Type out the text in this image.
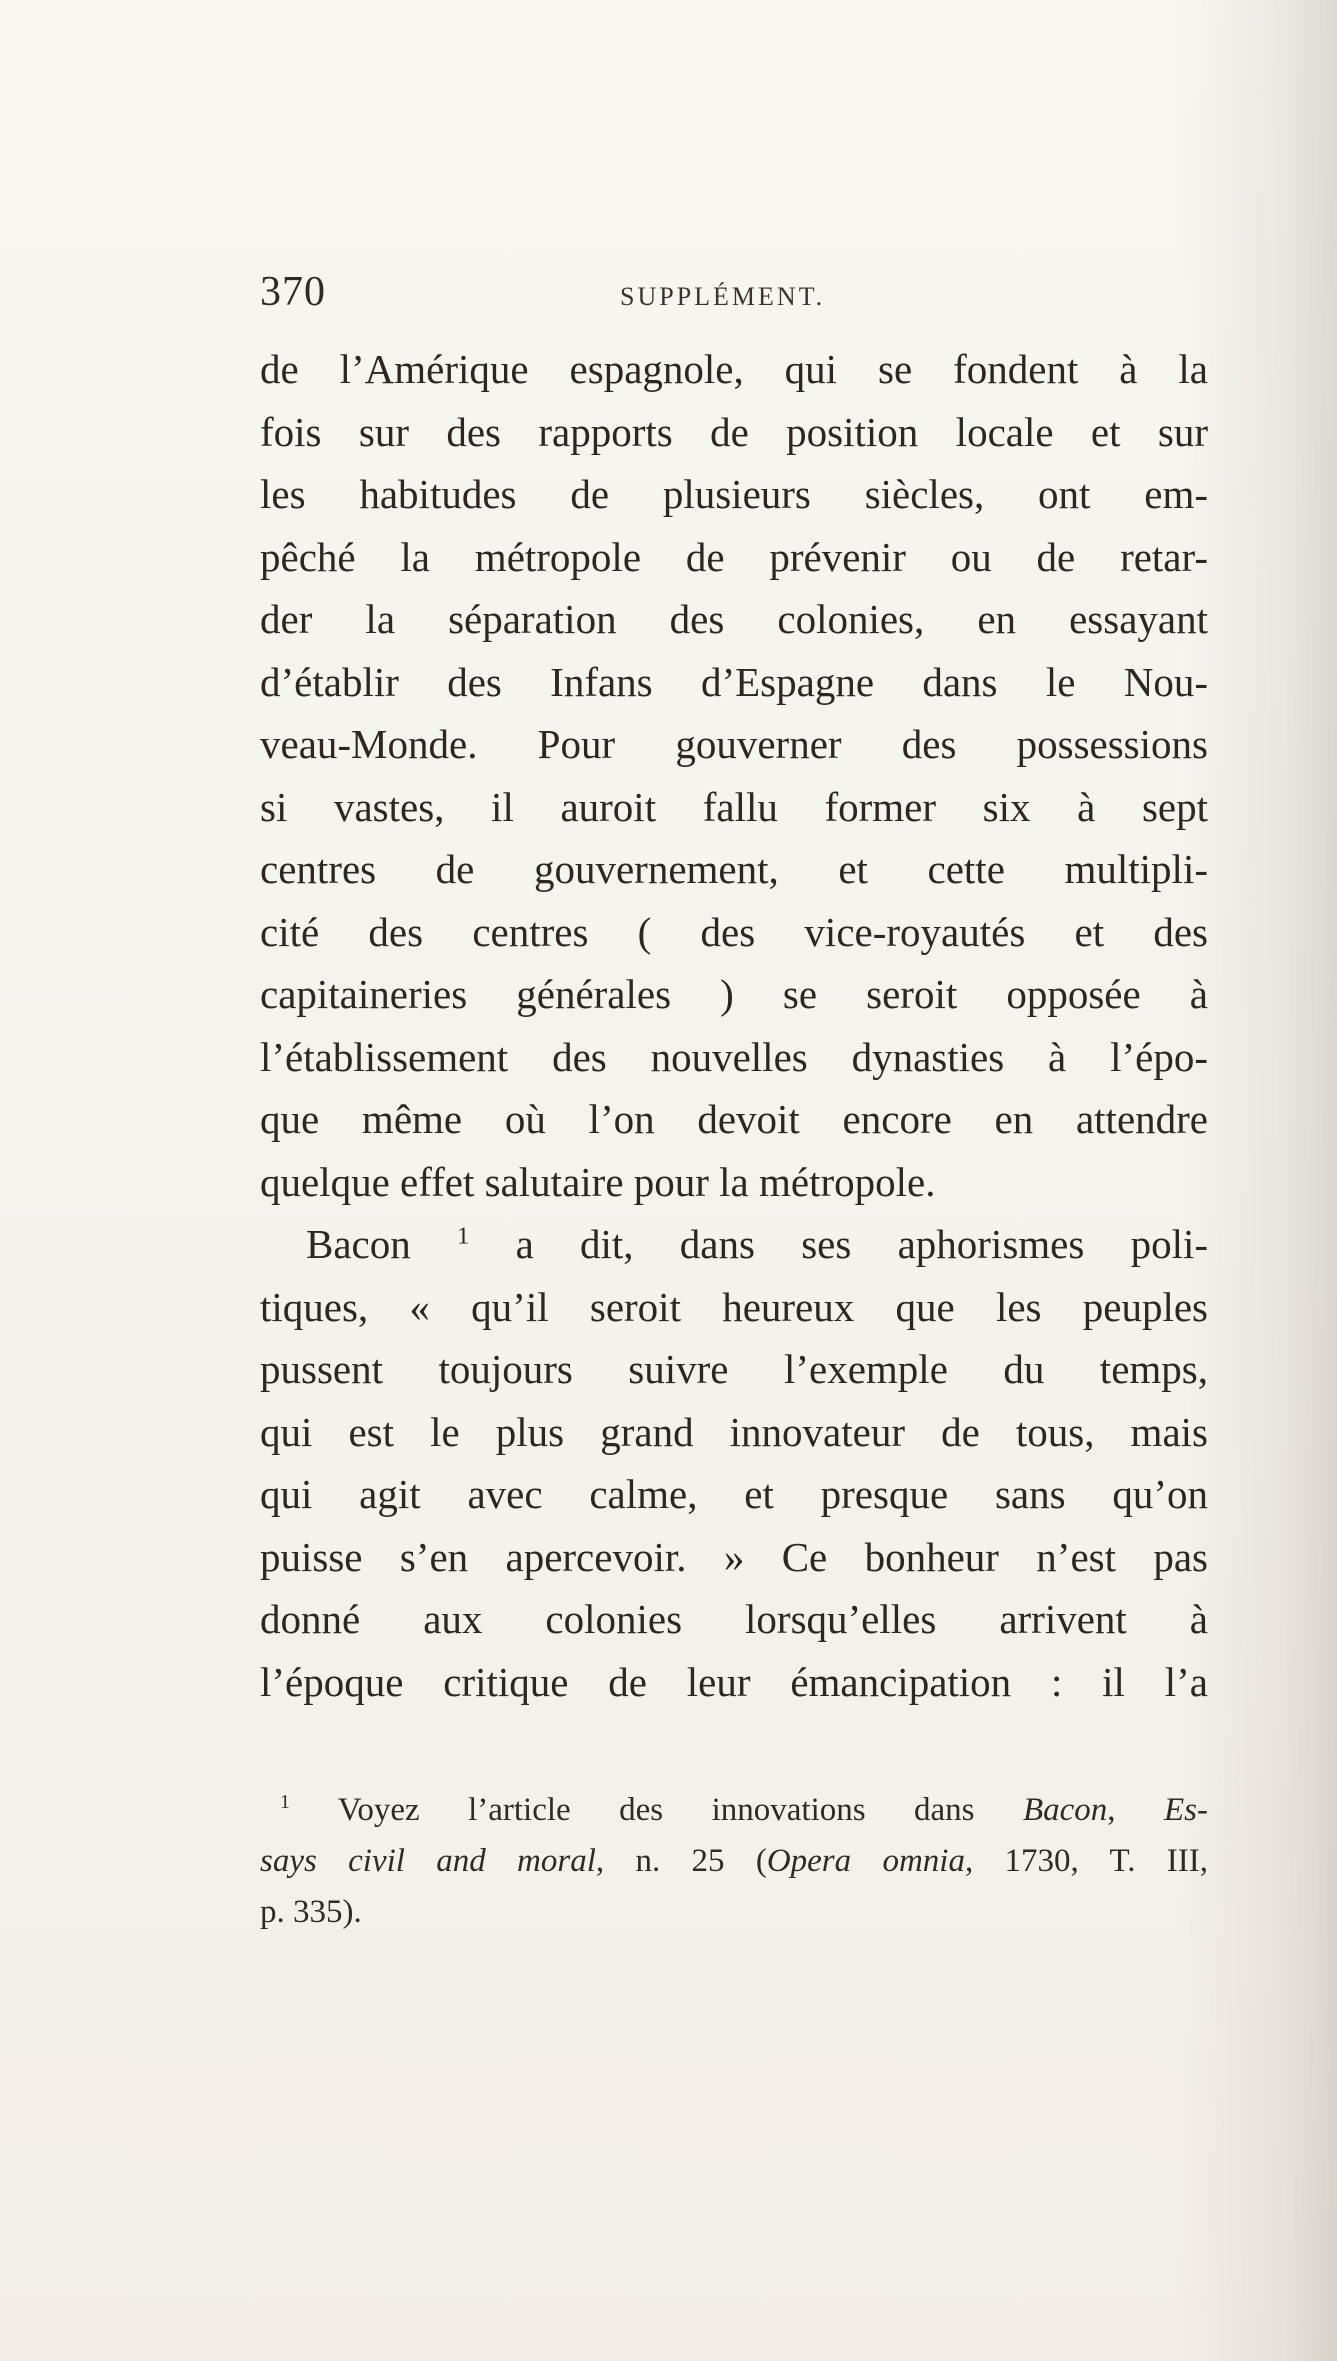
370	SUPPLÉMENT.
de l’Amérique espagnole, qui se fondent à la
fois sur des rapports de position locale et sur
les habitudes de plusieurs siècles, ont em-
pêché la métropole de prévenir ou de retar-
der la séparation des colonies, en essayant
d’établir des Infans d’Espagne dans le Nou-
veau-Monde. Pour gouverner des possessions
si vastes, il auroit fallu former six à sept
centres de gouvernement, et cette multipli-
cité des centres ( des vice-royautés et des
capitaineries générales ) se seroit opposée à
l’établissement des nouvelles dynasties à l’épo-
que même où l’on devoit encore en attendre
quelque effet salutaire pour la métropole.
Bacon $^1$ a dit, dans ses aphorismes poli-
tiques, « qu’il seroit heureux que les peuples
pussent toujours suivre l’exemple du temps,
qui est le plus grand innovateur de tous, mais
qui agit avec calme, et presque sans qu’on
puisse s’en apercevoir. » Ce bonheur n’est pas
donné aux colonies lorsqu’elles arrivent à
l’époque critique de leur émancipation : il l’a
$^1$ Voyez l’article des innovations dans Bacon, Es-
says civil and moral, n. 25 (Opera omnia, 1730, T. III,
p. 335).
